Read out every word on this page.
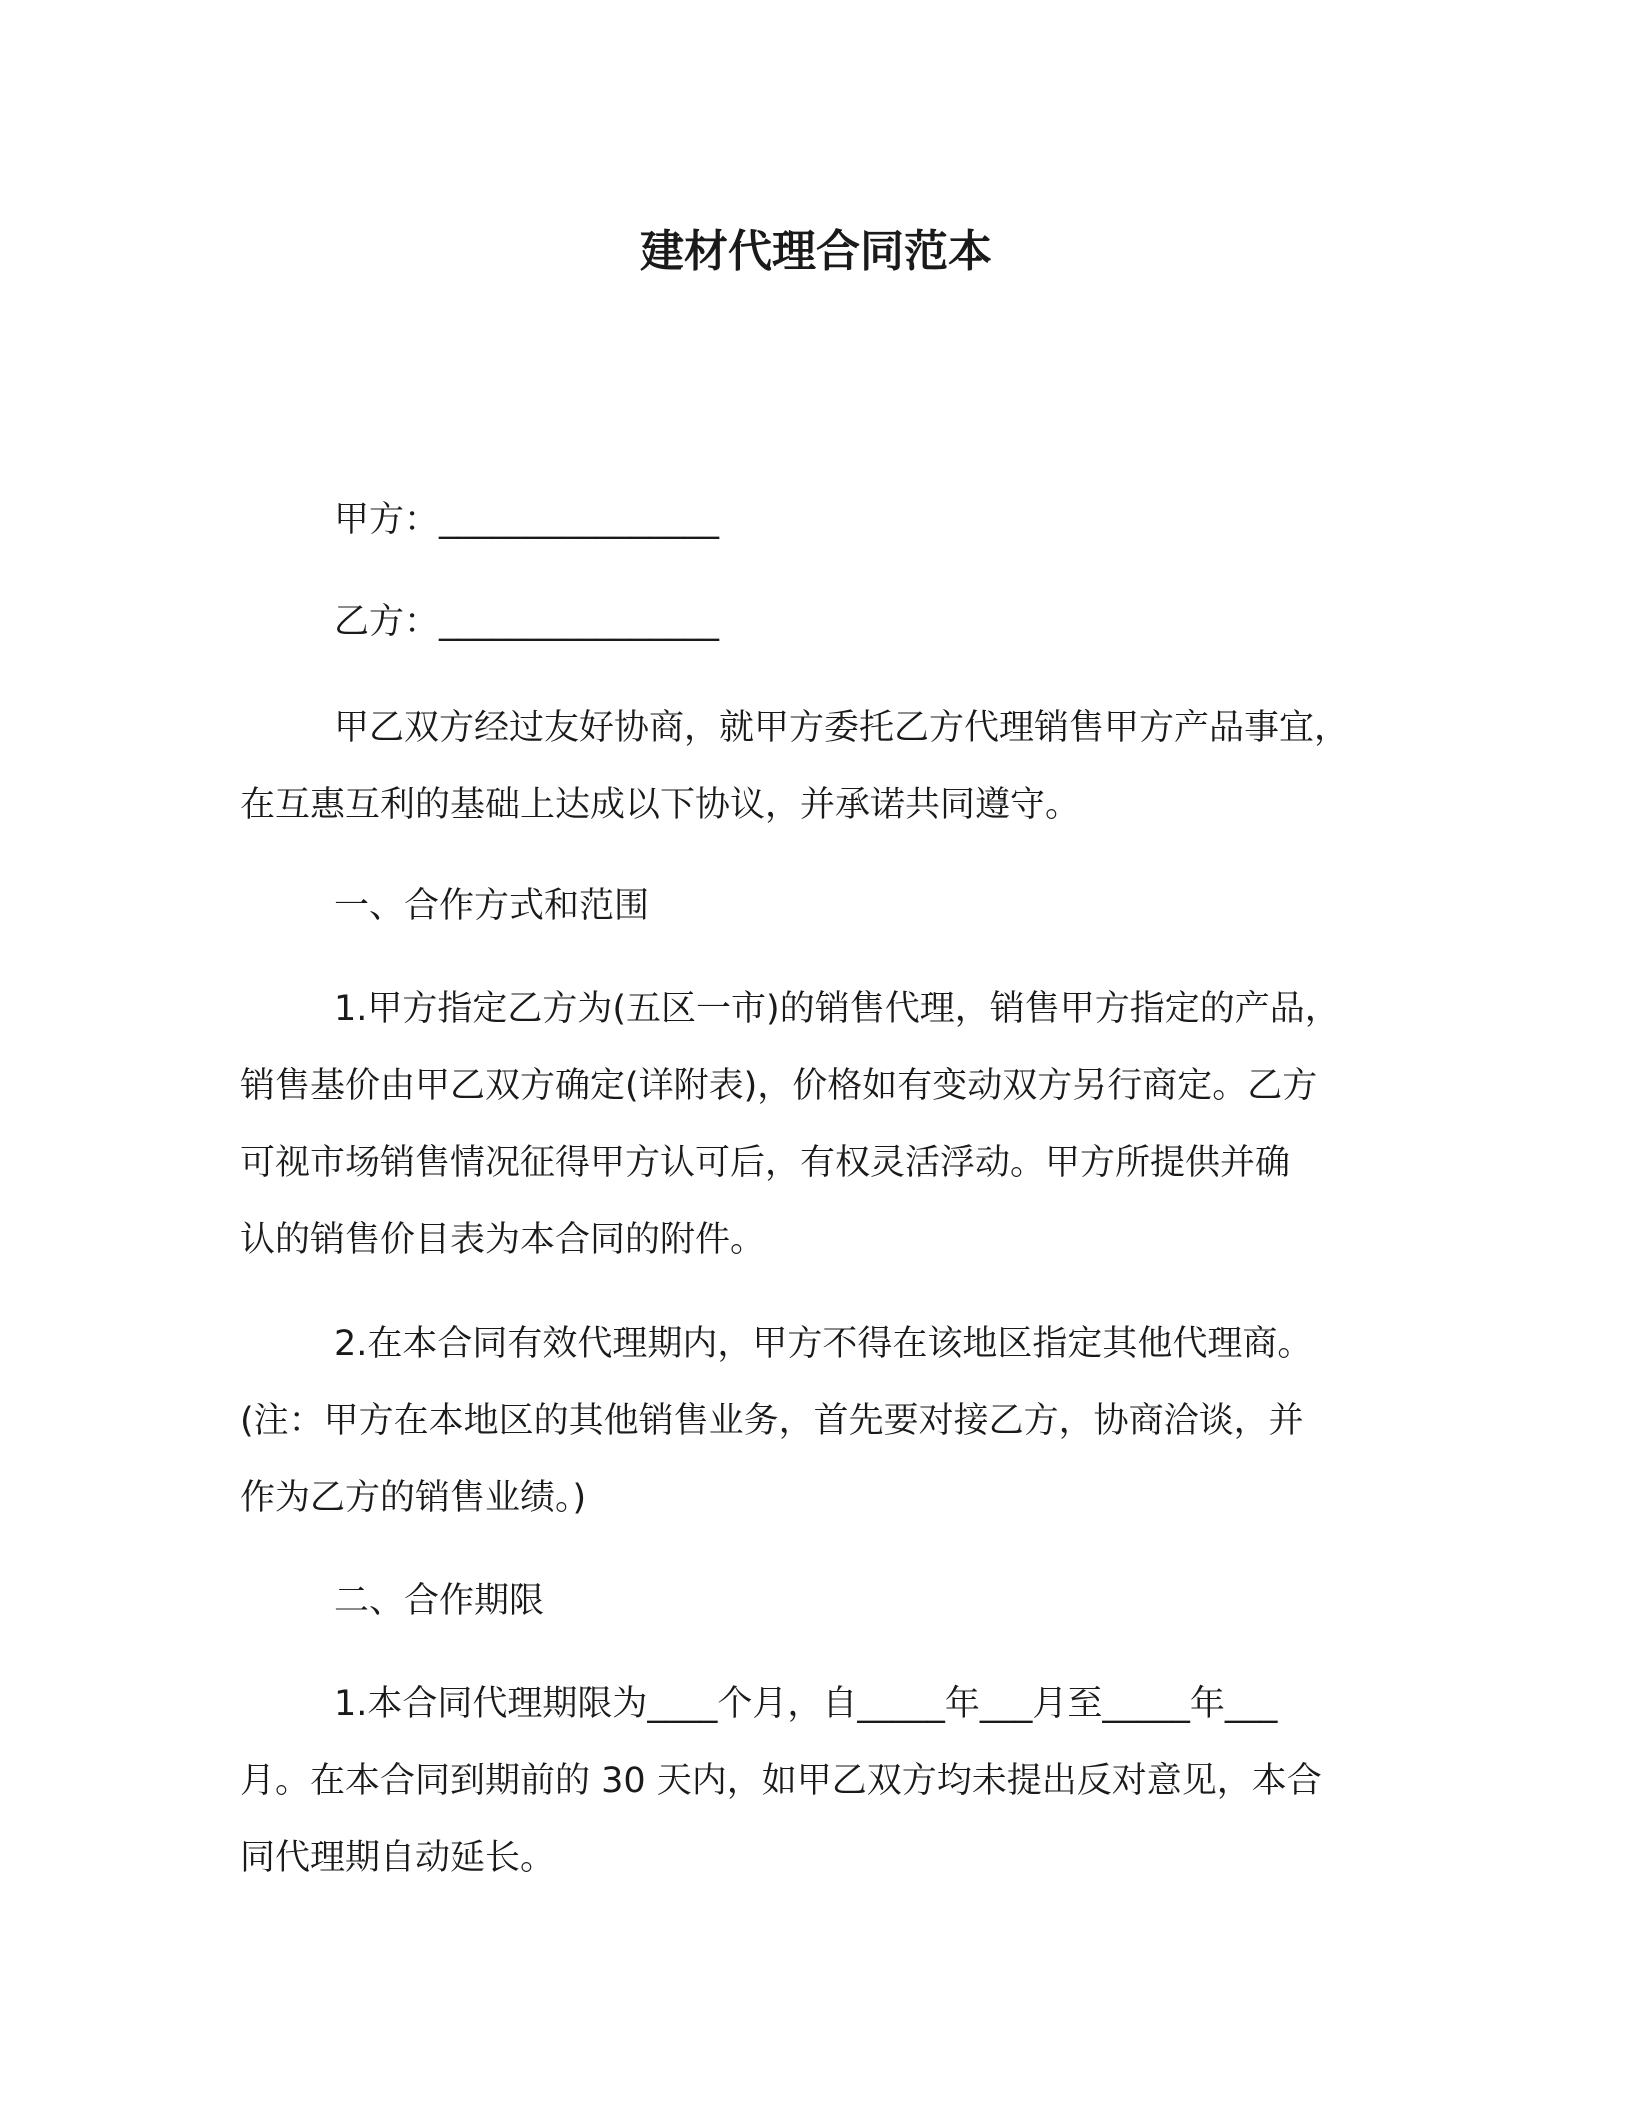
建材代理合同范本

甲方：________________

乙方：________________

甲乙双方经过友好协商，就甲方委托乙方代理销售甲方产品事宜，

在互惠互利的基础上达成以下协议，并承诺共同遵守。

一、合作方式和范围

1.甲方指定乙方为(五区一市)的销售代理，销售甲方指定的产品，

销售基价由甲乙双方确定(详附表)，价格如有变动双方另行商定。乙方

可视市场销售情况征得甲方认可后，有权灵活浮动。甲方所提供并确

认的销售价目表为本合同的附件。

2.在本合同有效代理期内，甲方不得在该地区指定其他代理商。

(注：甲方在本地区的其他销售业务，首先要对接乙方，协商洽谈，并

作为乙方的销售业绩。)

二、合作期限

1.本合同代理期限为____个月，自_____年___月至_____年___

月。在本合同到期前的 30 天内，如甲乙双方均未提出反对意见，本合

同代理期自动延长。
